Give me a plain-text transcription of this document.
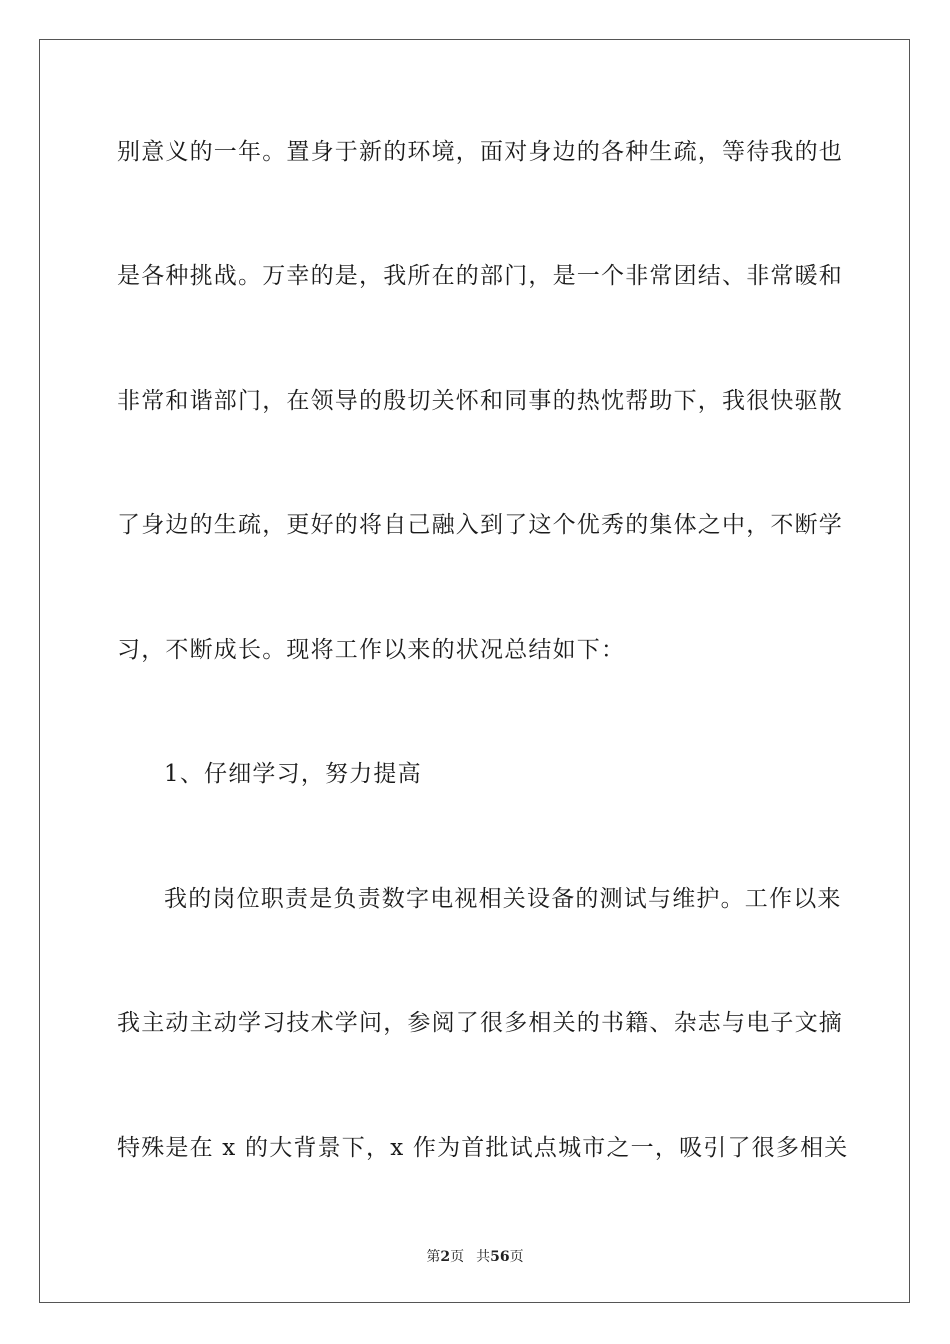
别意义的一年。置身于新的环境，面对身边的各种生疏，等待我的也
是各种挑战。万幸的是，我所在的部门，是一个非常团结、非常暖和
非常和谐部门，在领导的殷切关怀和同事的热忱帮助下，我很快驱散
了身边的生疏，更好的将自己融入到了这个优秀的集体之中，不断学
习，不断成长。现将工作以来的状况总结如下：
1、仔细学习，努力提高
我的岗位职责是负责数字电视相关设备的测试与维护。工作以来
我主动主动学习技术学问，参阅了很多相关的书籍、杂志与电子文摘
特殊是在 x 的大背景下，x 作为首批试点城市之一，吸引了很多相关
第2页 共56页
